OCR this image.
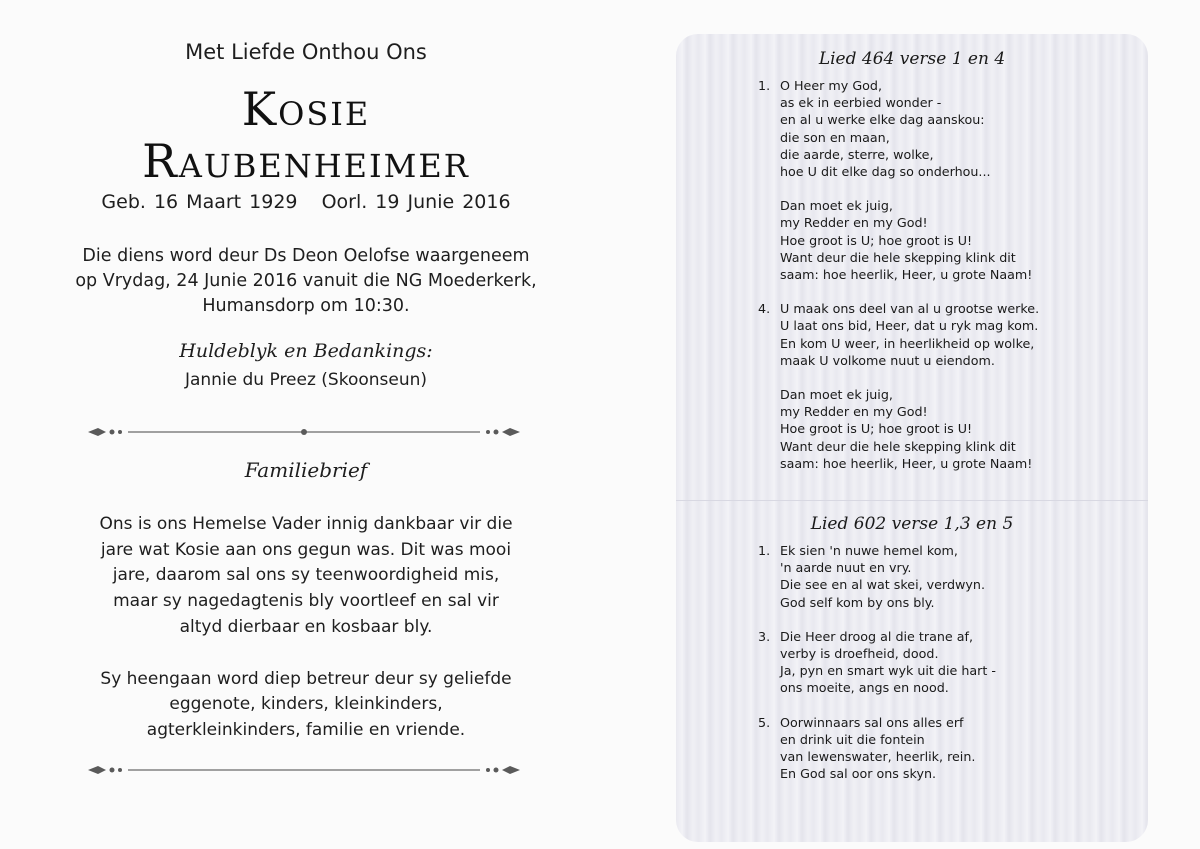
Met Liefde Onthou Ons
Kosie
Raubenheimer
Geb. 16 Maart 1929 Oorl. 19 Junie 2016
Die diens word deur Ds Deon Oelofse waargeneem
op Vrydag, 24 Junie 2016 vanuit die NG Moederkerk,
Humansdorp om 10:30.
Huldeblyk en Bedankings:
Jannie du Preez (Skoonseun)
Familiebrief

Ons is ons Hemelse Vader innig dankbaar vir die jare wat Kosie aan ons gegun was. Dit was mooi jare, daarom sal ons sy teenwoordigheid mis, maar sy nagedagtenis bly voortleef en sal vir altyd dierbaar en kosbaar bly.

Sy heengaan word diep betreur deur sy geliefde eggenote, kinders, kleinkinders, agterkleinkinders, familie en vriende.

Lied 464 verse 1 en 4
1. O Heer my God,
as ek in eerbied wonder -
en al u werke elke dag aanskou:
die son en maan,
die aarde, sterre, wolke,
hoe U dit elke dag so onderhou...
Dan moet ek juig,
my Redder en my God!
Hoe groot is U; hoe groot is U!
Want deur die hele skepping klink dit
saam: hoe heerlik, Heer, u grote Naam!
4. U maak ons deel van al u grootse werke.
U laat ons bid, Heer, dat u ryk mag kom.
En kom U weer, in heerlikheid op wolke,
maak U volkome nuut u eiendom.
Dan moet ek juig,
my Redder en my God!
Hoe groot is U; hoe groot is U!
Want deur die hele skepping klink dit
saam: hoe heerlik, Heer, u grote Naam!
Lied 602 verse 1,3 en 5
1. Ek sien 'n nuwe hemel kom,
'n aarde nuut en vry.
Die see en al wat skei, verdwyn.
God self kom by ons bly.
3. Die Heer droog al die trane af,
verby is droefheid, dood.
Ja, pyn en smart wyk uit die hart -
ons moeite, angs en nood.
5. Oorwinnaars sal ons alles erf
en drink uit die fontein
van lewenswater, heerlik, rein.
En God sal oor ons skyn.
